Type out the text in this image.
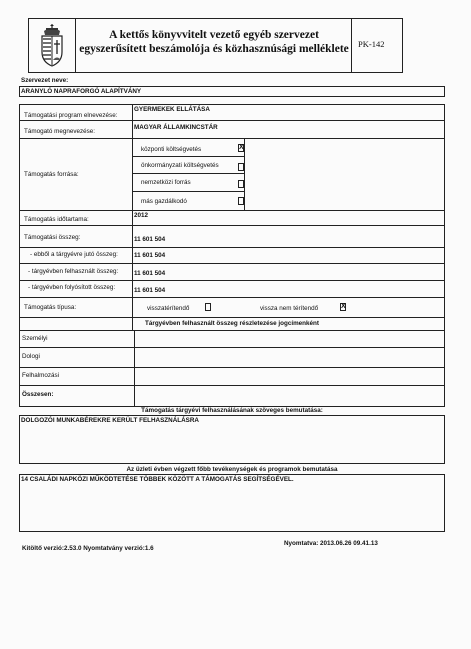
A kettős könyvvitelt vezető egyéb szervezet
egyszerűsített beszámolója és közhasznúsági melléklete PK-142
Szervezet neve:
ARANYLÓ NAPRAFORGÓ ALAPÍTVÁNY
Támogatási program elnevezése:
GYERMEKEK ELLÁTÁSA
Támogató megnevezése:
MAGYAR ÁLLAMKINCSTÁR
Támogatás forrása:
központi költségvetés	X
önkormányzati költségvetés
nemzetközi forrás
más gazdálkodó
Támogatás időtartama:
2012
Támogatási összeg:	11 601 504
- ebből a tárgyévre jutó összeg:	11 601 504
- tárgyévben felhasznált összeg: 11 601 504
- tárgyévben folyósított összeg:	11 601 504
Támogatás típusa:	visszatérítendő	vissza nem térítendő	X
Tárgyévben felhasznált összeg részletezése jogcímenként
Személyi
Dologi
Felhalmozási
Összesen:
Támogatás tárgyévi felhasználásának szöveges bemutatása:
DOLGOZÓI MUNKABÉREKRE KERÜLT FELHASZNÁLÁSRA
Az üzleti évben végzett főbb tevékenységek és programok bemutatása
14 CSALÁDI NAPKÖZI MŰKÖDTETÉSE TÖBBEK KÖZÖTT A TÁMOGATÁS SEGÍTSÉGÉVEL.
Kitöltő verzió:2.53.0 Nyomtatvány verzió:1.6
Nyomtatva: 2013.06.26 09.41.13
